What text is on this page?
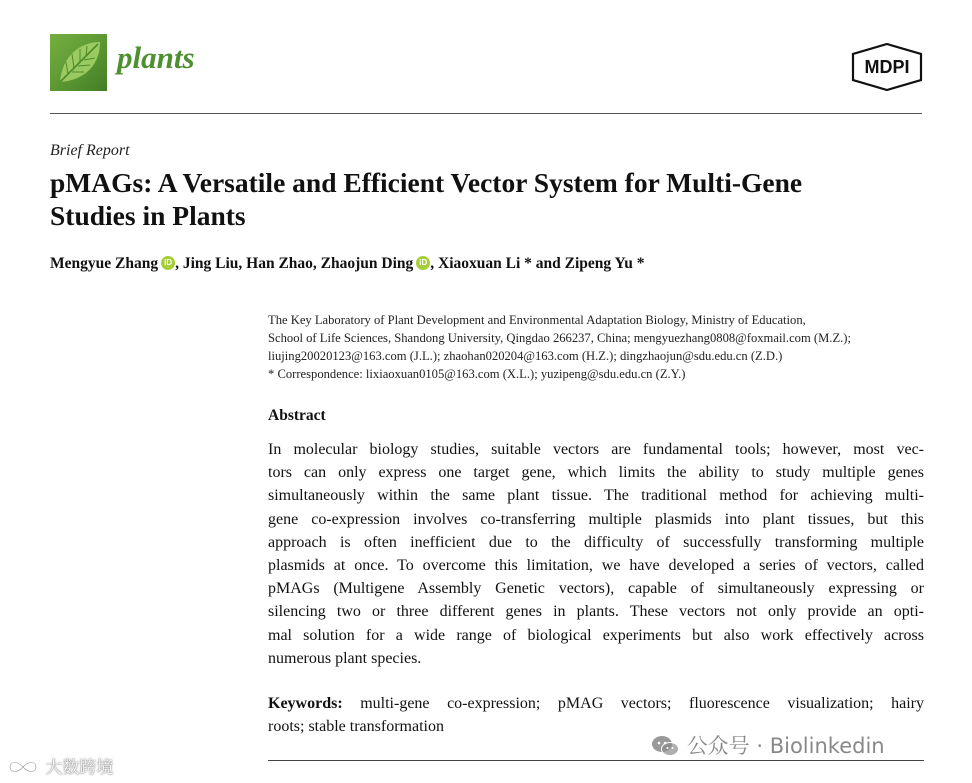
plants	MDPI
Brief Report
pMAGs: A Versatile and Efficient Vector System for Multi-Gene
Studies in Plants
Mengyue Zhang iD , Jing Liu, Han Zhao, Zhaojun Ding iD , Xiaoxuan Li * and Zipeng Yu *
The Key Laboratory of Plant Development and Environmental Adaptation Biology, Ministry of Education,
School of Life Sciences, Shandong University, Qingdao 266237, China; mengyuezhang0808@foxmail.com (M.Z.);
liujing20020123@163.com (J.L.); zhaohan020204@163.com (H.Z.); dingzhaojun@sdu.edu.cn (Z.D.)
* Correspondence: lixiaoxuan0105@163.com (X.L.); yuzipeng@sdu.edu.cn (Z.Y.)
Abstract
In molecular biology studies, suitable vectors are fundamental tools; however, most vec-
tors can only express one target gene, which limits the ability to study multiple genes
simultaneously within the same plant tissue. The traditional method for achieving multi-
gene co-expression involves co-transferring multiple plasmids into plant tissues, but this
approach is often inefficient due to the difficulty of successfully transforming multiple
plasmids at once. To overcome this limitation, we have developed a series of vectors, called
pMAGs (Multigene Assembly Genetic vectors), capable of simultaneously expressing or
silencing two or three different genes in plants. These vectors not only provide an opti-
mal solution for a wide range of biological experiments but also work effectively across
numerous plant species.
Keywords: multi-gene co-expression; pMAG vectors; fluorescence visualization; hairy
roots; stable transformation
公众号 · Biolinkedin
大数跨境
